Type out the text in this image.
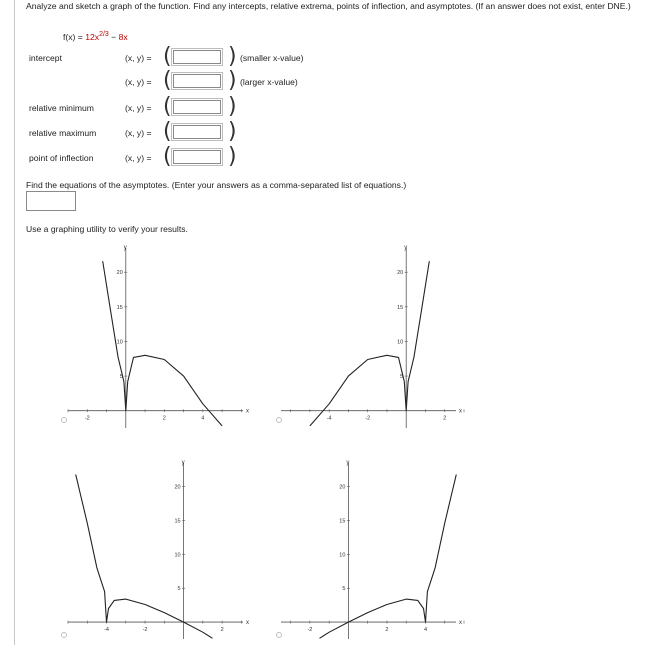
Analyze and sketch a graph of the function. Find any intercepts, relative extrema, points of inflection, and asymptotes. (If an answer does not exist, enter DNE.)
$f(x) = 12x^{2/3} - 8x$
intercept	(x, y) = (	) (smaller x-value)
(x, y) = (	) (larger x-value)
relative minimum	(x, y) = (	)
relative maximum	(x, y) = (	)
point of inflection	(x, y) = (	)
Find the equations of the asymptotes. (Enter your answers as a comma-separated list of equations.)
Use a graphing utility to verify your results.
x
y
-2	2	4
5
10
15
20
x
y
-4	-2	2
5
10
15
20
x
y
-4	-2	2
5
10
15
20
x
y
-2	2	4
5
10
15
20
